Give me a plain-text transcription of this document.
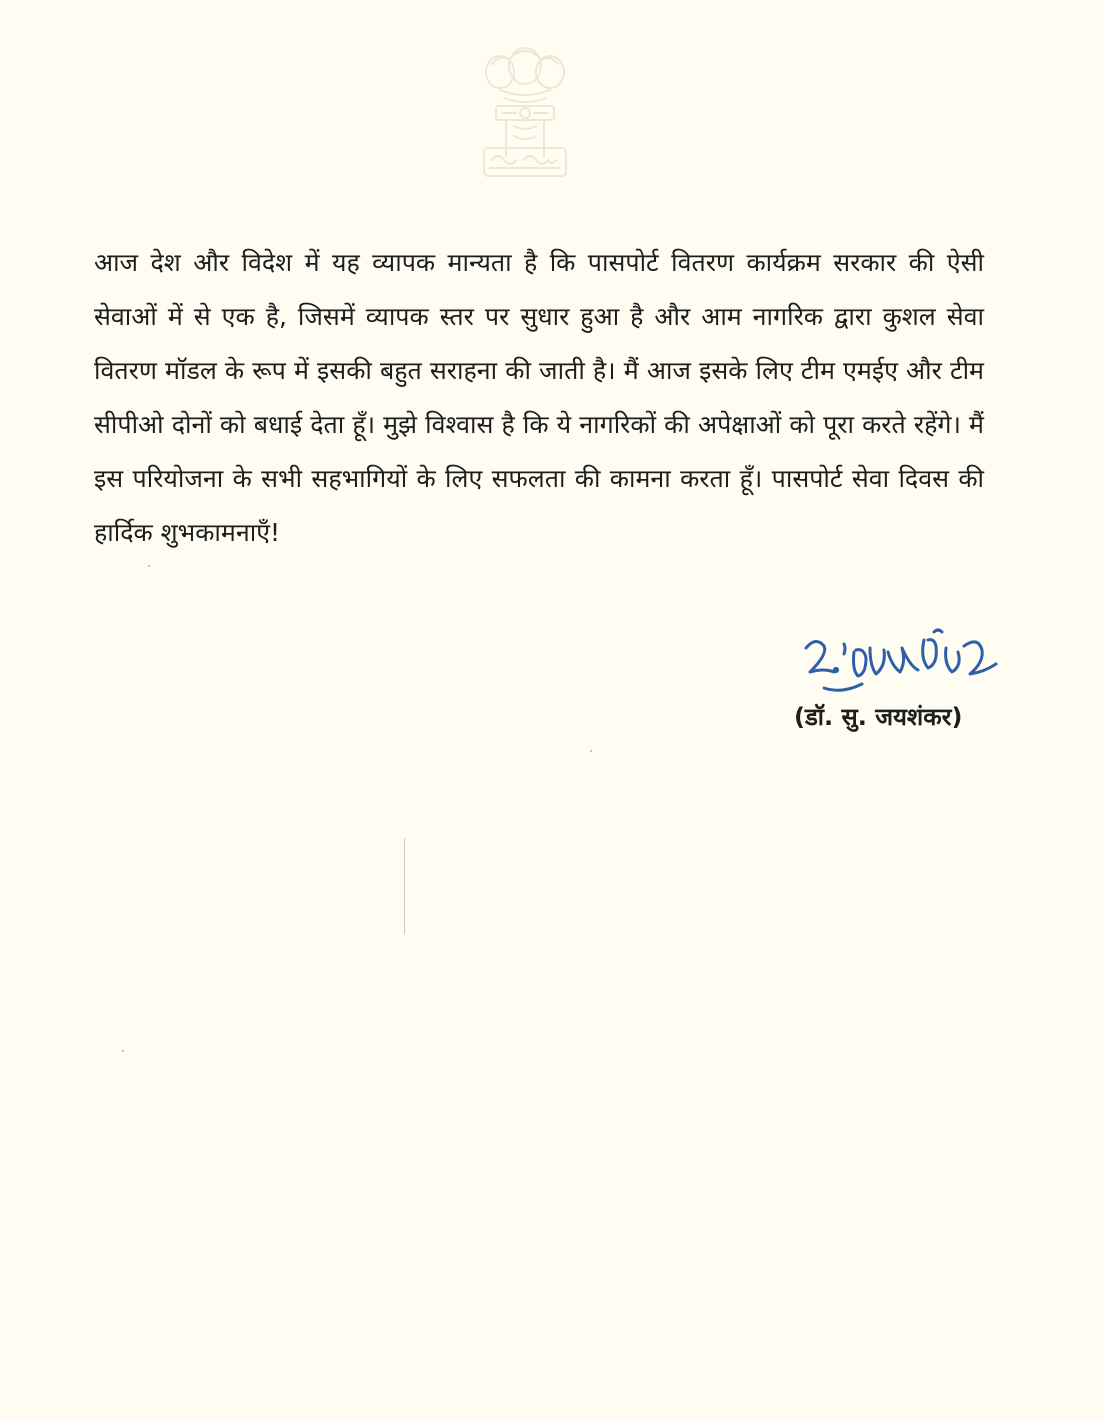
आज देश और विदेश में यह व्यापक मान्यता है कि पासपोर्ट वितरण कार्यक्रम सरकार की ऐसी सेवाओं में से एक है, जिसमें व्यापक स्तर पर सुधार हुआ है और आम नागरिक द्वारा कुशल सेवा वितरण मॉडल के रूप में इसकी बहुत सराहना की जाती है। मैं आज इसके लिए टीम एमईए और टीम सीपीओ दोनों को बधाई देता हूँ। मुझे विश्वास है कि ये नागरिकों की अपेक्षाओं को पूरा करते रहेंगे। मैं इस परियोजना के सभी सहभागियों के लिए सफलता की कामना करता हूँ। पासपोर्ट सेवा दिवस की हार्दिक शुभकामनाएँ!

(डॉ. सु. जयशंकर)
